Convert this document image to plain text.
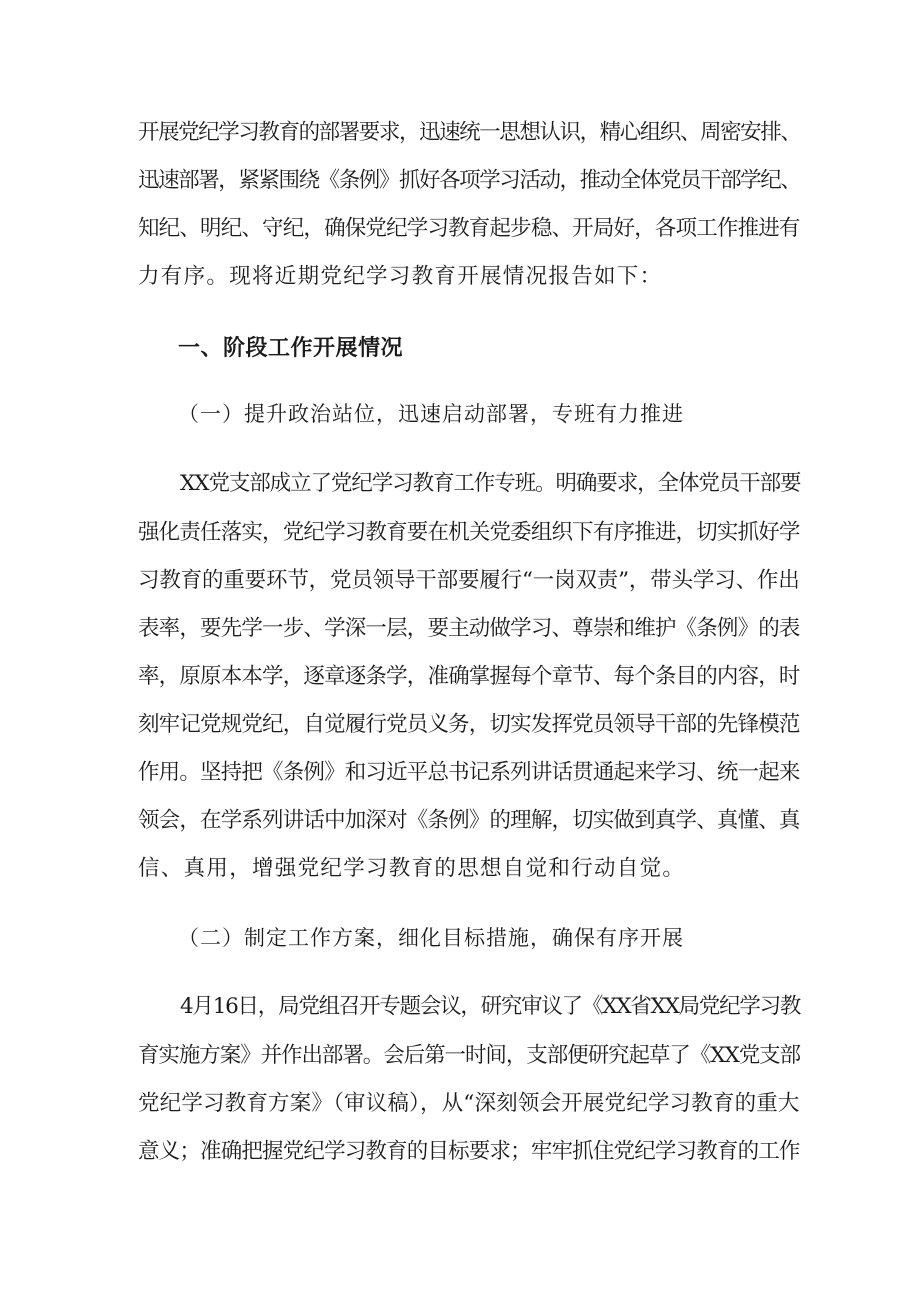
开展党纪学习教育的部署要求，迅速统一思想认识，精心组织、周密安排、
迅速部署，紧紧围绕《条例》抓好各项学习活动，推动全体党员干部学纪、
知纪、明纪、守纪，确保党纪学习教育起步稳、开局好，各项工作推进有
力有序。现将近期党纪学习教育开展情况报告如下：
一、阶段工作开展情况
（一）提升政治站位，迅速启动部署，专班有力推进
XX党支部成立了党纪学习教育工作专班。明确要求，全体党员干部要
强化责任落实，党纪学习教育要在机关党委组织下有序推进，切实抓好学
习教育的重要环节，党员领导干部要履行“一岗双责”，带头学习、作出
表率，要先学一步、学深一层，要主动做学习、尊崇和维护《条例》的表
率，原原本本学，逐章逐条学，准确掌握每个章节、每个条目的内容，时
刻牢记党规党纪，自觉履行党员义务，切实发挥党员领导干部的先锋模范
作用。坚持把《条例》和习近平总书记系列讲话贯通起来学习、统一起来
领会，在学系列讲话中加深对《条例》的理解，切实做到真学、真懂、真
信、真用，增强党纪学习教育的思想自觉和行动自觉。
（二）制定工作方案，细化目标措施，确保有序开展
4月16日，局党组召开专题会议，研究审议了《XX省XX局党纪学习教
育实施方案》并作出部署。会后第一时间，支部便研究起草了《XX党支部
党纪学习教育方案》（审议稿），从“深刻领会开展党纪学习教育的重大
意义；准确把握党纪学习教育的目标要求；牢牢抓住党纪学习教育的工作
